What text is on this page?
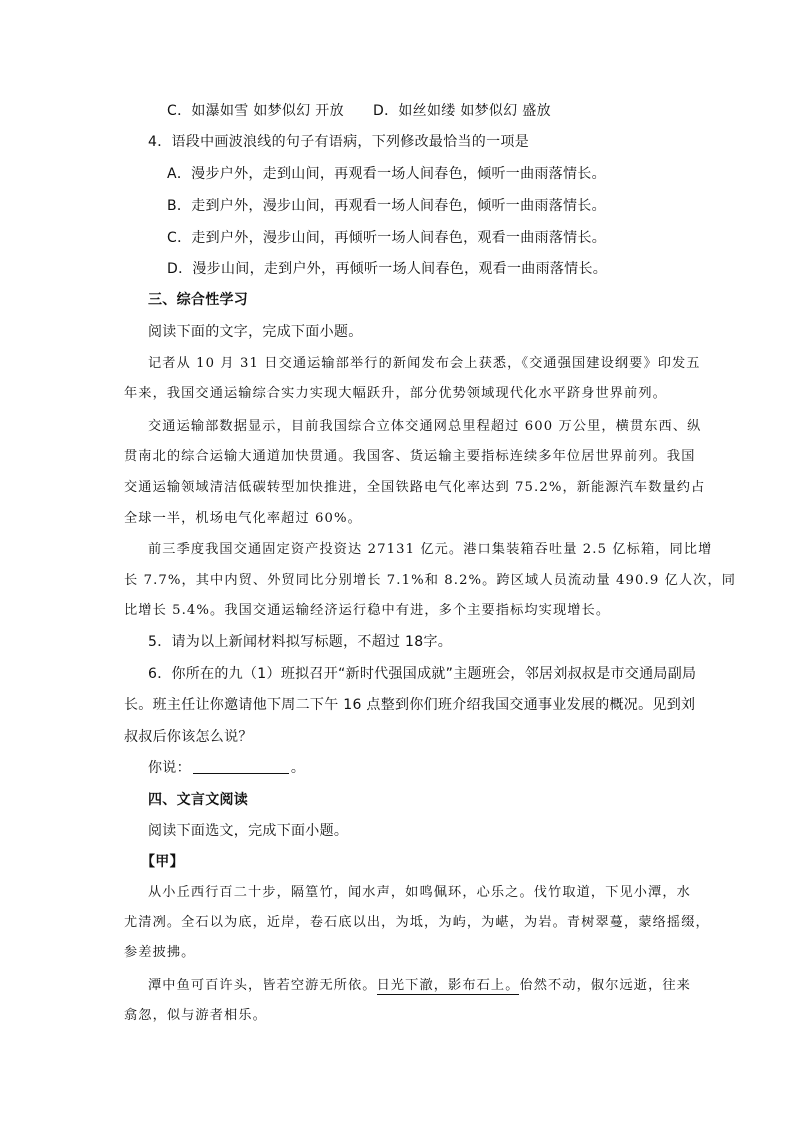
C．如瀑如雪 如梦似幻 开放 D．如丝如缕 如梦似幻 盛放
4．语段中画波浪线的句子有语病，下列修改最恰当的一项是
A．漫步户外，走到山间，再观看一场人间春色，倾听一曲雨落情长。
B．走到户外，漫步山间，再观看一场人间春色，倾听一曲雨落情长。
C．走到户外，漫步山间，再倾听一场人间春色，观看一曲雨落情长。
D．漫步山间，走到户外，再倾听一场人间春色，观看一曲雨落情长。
三、综合性学习
阅读下面的文字，完成下面小题。
记者从 10 月 31 日交通运输部举行的新闻发布会上获悉，《交通强国建设纲要》印发五
年来，我国交通运输综合实力实现大幅跃升，部分优势领域现代化水平跻身世界前列。
交通运输部数据显示，目前我国综合立体交通网总里程超过 600 万公里，横贯东西、纵
贯南北的综合运输大通道加快贯通。我国客、货运输主要指标连续多年位居世界前列。我国
交通运输领域清洁低碳转型加快推进，全国铁路电气化率达到 75.2%，新能源汽车数量约占
全球一半，机场电气化率超过 60%。
前三季度我国交通固定资产投资达 27131 亿元。港口集装箱吞吐量 2.5 亿标箱，同比增
长 7.7%，其中内贸、外贸同比分别增长 7.1%和 8.2%。跨区域人员流动量 490.9 亿人次，同
比增长 5.4%。我国交通运输经济运行稳中有进，多个主要指标均实现增长。
5．请为以上新闻材料拟写标题，不超过 18字。
6．你所在的九（1）班拟召开“新时代强国成就”主题班会，邻居刘叔叔是市交通局副局
长。班主任让你邀请他下周二下午 16 点整到你们班介绍我国交通事业发展的概况。见到刘
叔叔后你该怎么说？
你说：	。
四、文言文阅读
阅读下面选文，完成下面小题。
【甲】
从小丘西行百二十步，隔篁竹，闻水声，如鸣佩环，心乐之。伐竹取道，下见小潭，水
尤清冽。全石以为底，近岸，卷石底以出，为坻，为屿，为嵁，为岩。青树翠蔓，蒙络摇缀，
参差披拂。
潭中鱼可百许头，皆若空游无所依。日光下澈，影布石上。佁然不动，俶尔远逝，往来
翕忽，似与游者相乐。
